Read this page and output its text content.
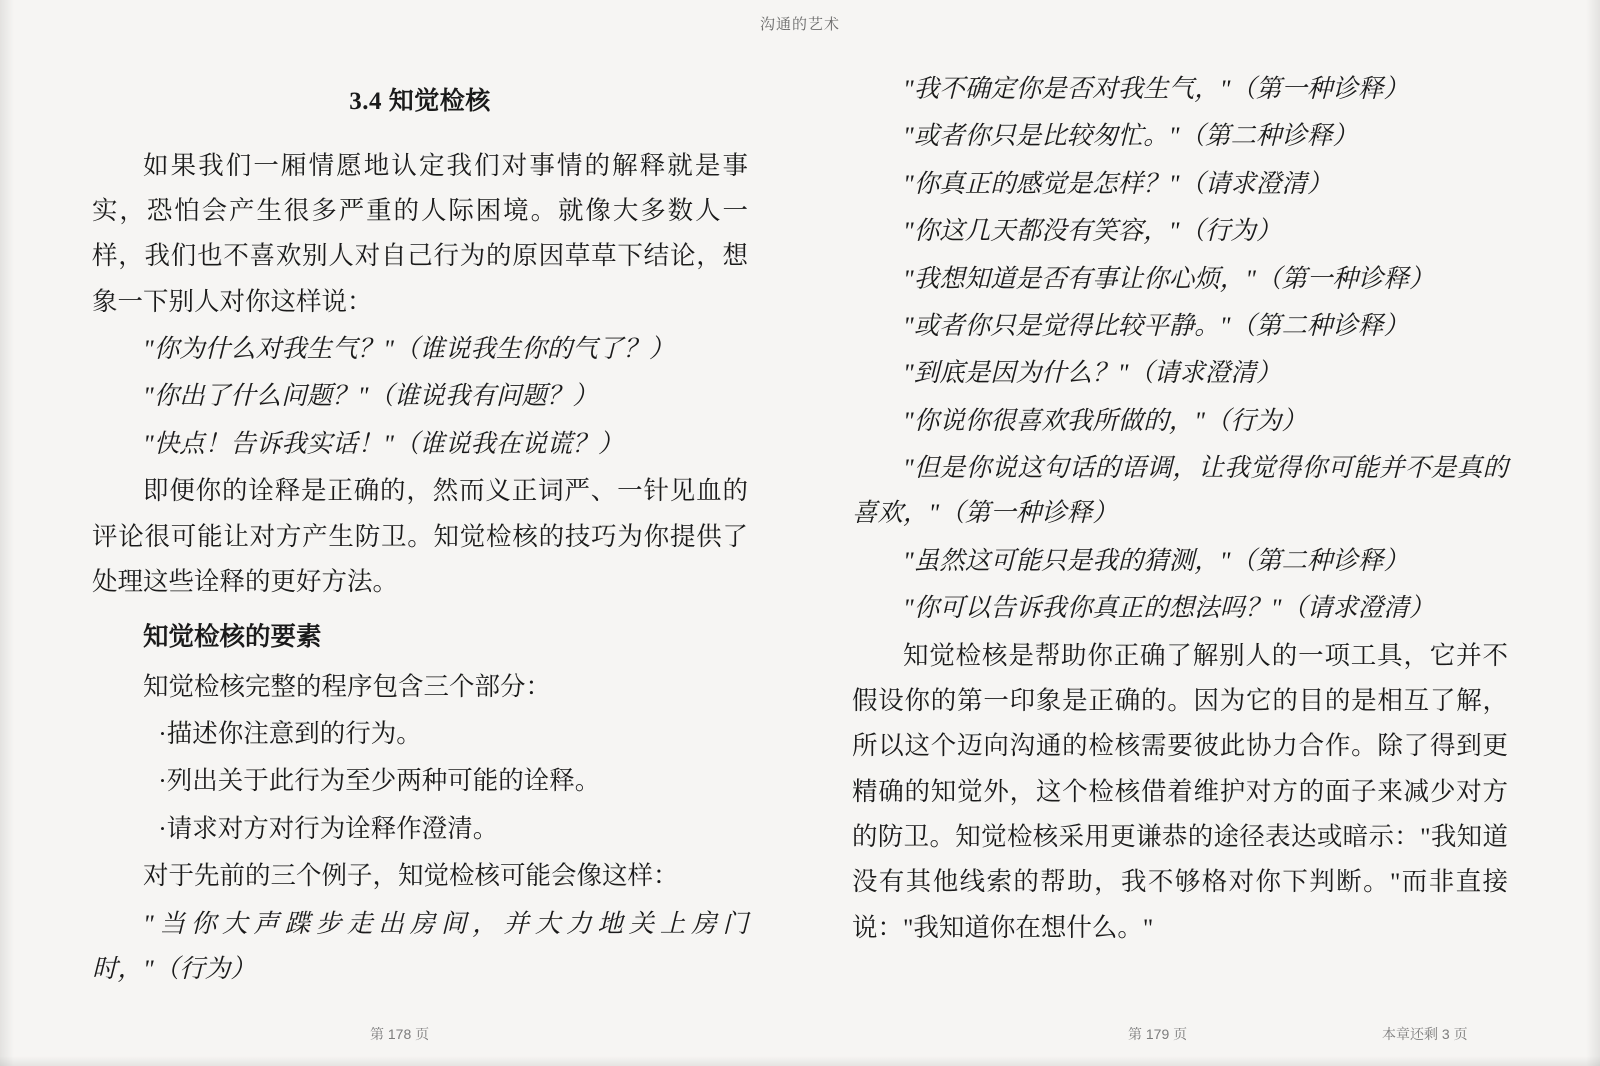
沟通的艺术
3.4 知觉检核

如果我们一厢情愿地认定我们对事情的解释就是事实，恐怕会产生很多严重的人际困境。就像大多数人一样，我们也不喜欢别人对自己行为的原因草草下结论，想象一下别人对你这样说：

"你为什么对我生气？"（谁说我生你的气了？）

"你出了什么问题？"（谁说我有问题？）

"快点！告诉我实话！"（谁说我在说谎？）

即便你的诠释是正确的，然而义正词严、一针见血的评论很可能让对方产生防卫。知觉检核的技巧为你提供了处理这些诠释的更好方法。

知觉检核的要素

知觉检核完整的程序包含三个部分：

·描述你注意到的行为。

·列出关于此行为至少两种可能的诠释。

·请求对方对行为诠释作澄清。

对于先前的三个例子，知觉检核可能会像这样：

"当你大声蹀步走出房间，并大力地关上房门时，"（行为）

"我不确定你是否对我生气，"（第一种诊释）

"或者你只是比较匆忙。"（第二种诊释）

"你真正的感觉是怎样？"（请求澄清）

"你这几天都没有笑容，"（行为）

"我想知道是否有事让你心烦，"（第一种诊释）

"或者你只是觉得比较平静。"（第二种诊释）

"到底是因为什么？"（请求澄清）

"你说你很喜欢我所做的，"（行为）

"但是你说这句话的语调，让我觉得你可能并不是真的喜欢，"（第一种诊释）

"虽然这可能只是我的猜测，"（第二种诊释）

"你可以告诉我你真正的想法吗？"（请求澄清）

知觉检核是帮助你正确了解别人的一项工具，它并不假设你的第一印象是正确的。因为它的目的是相互了解，所以这个迈向沟通的检核需要彼此协力合作。除了得到更精确的知觉外，这个检核借着维护对方的面子来减少对方的防卫。知觉检核采用更谦恭的途径表达或暗示："我知道没有其他线索的帮助，我不够格对你下判断。"而非直接说："我知道你在想什么。"

第 178 页	第 179 页	本章还剩 3 页
